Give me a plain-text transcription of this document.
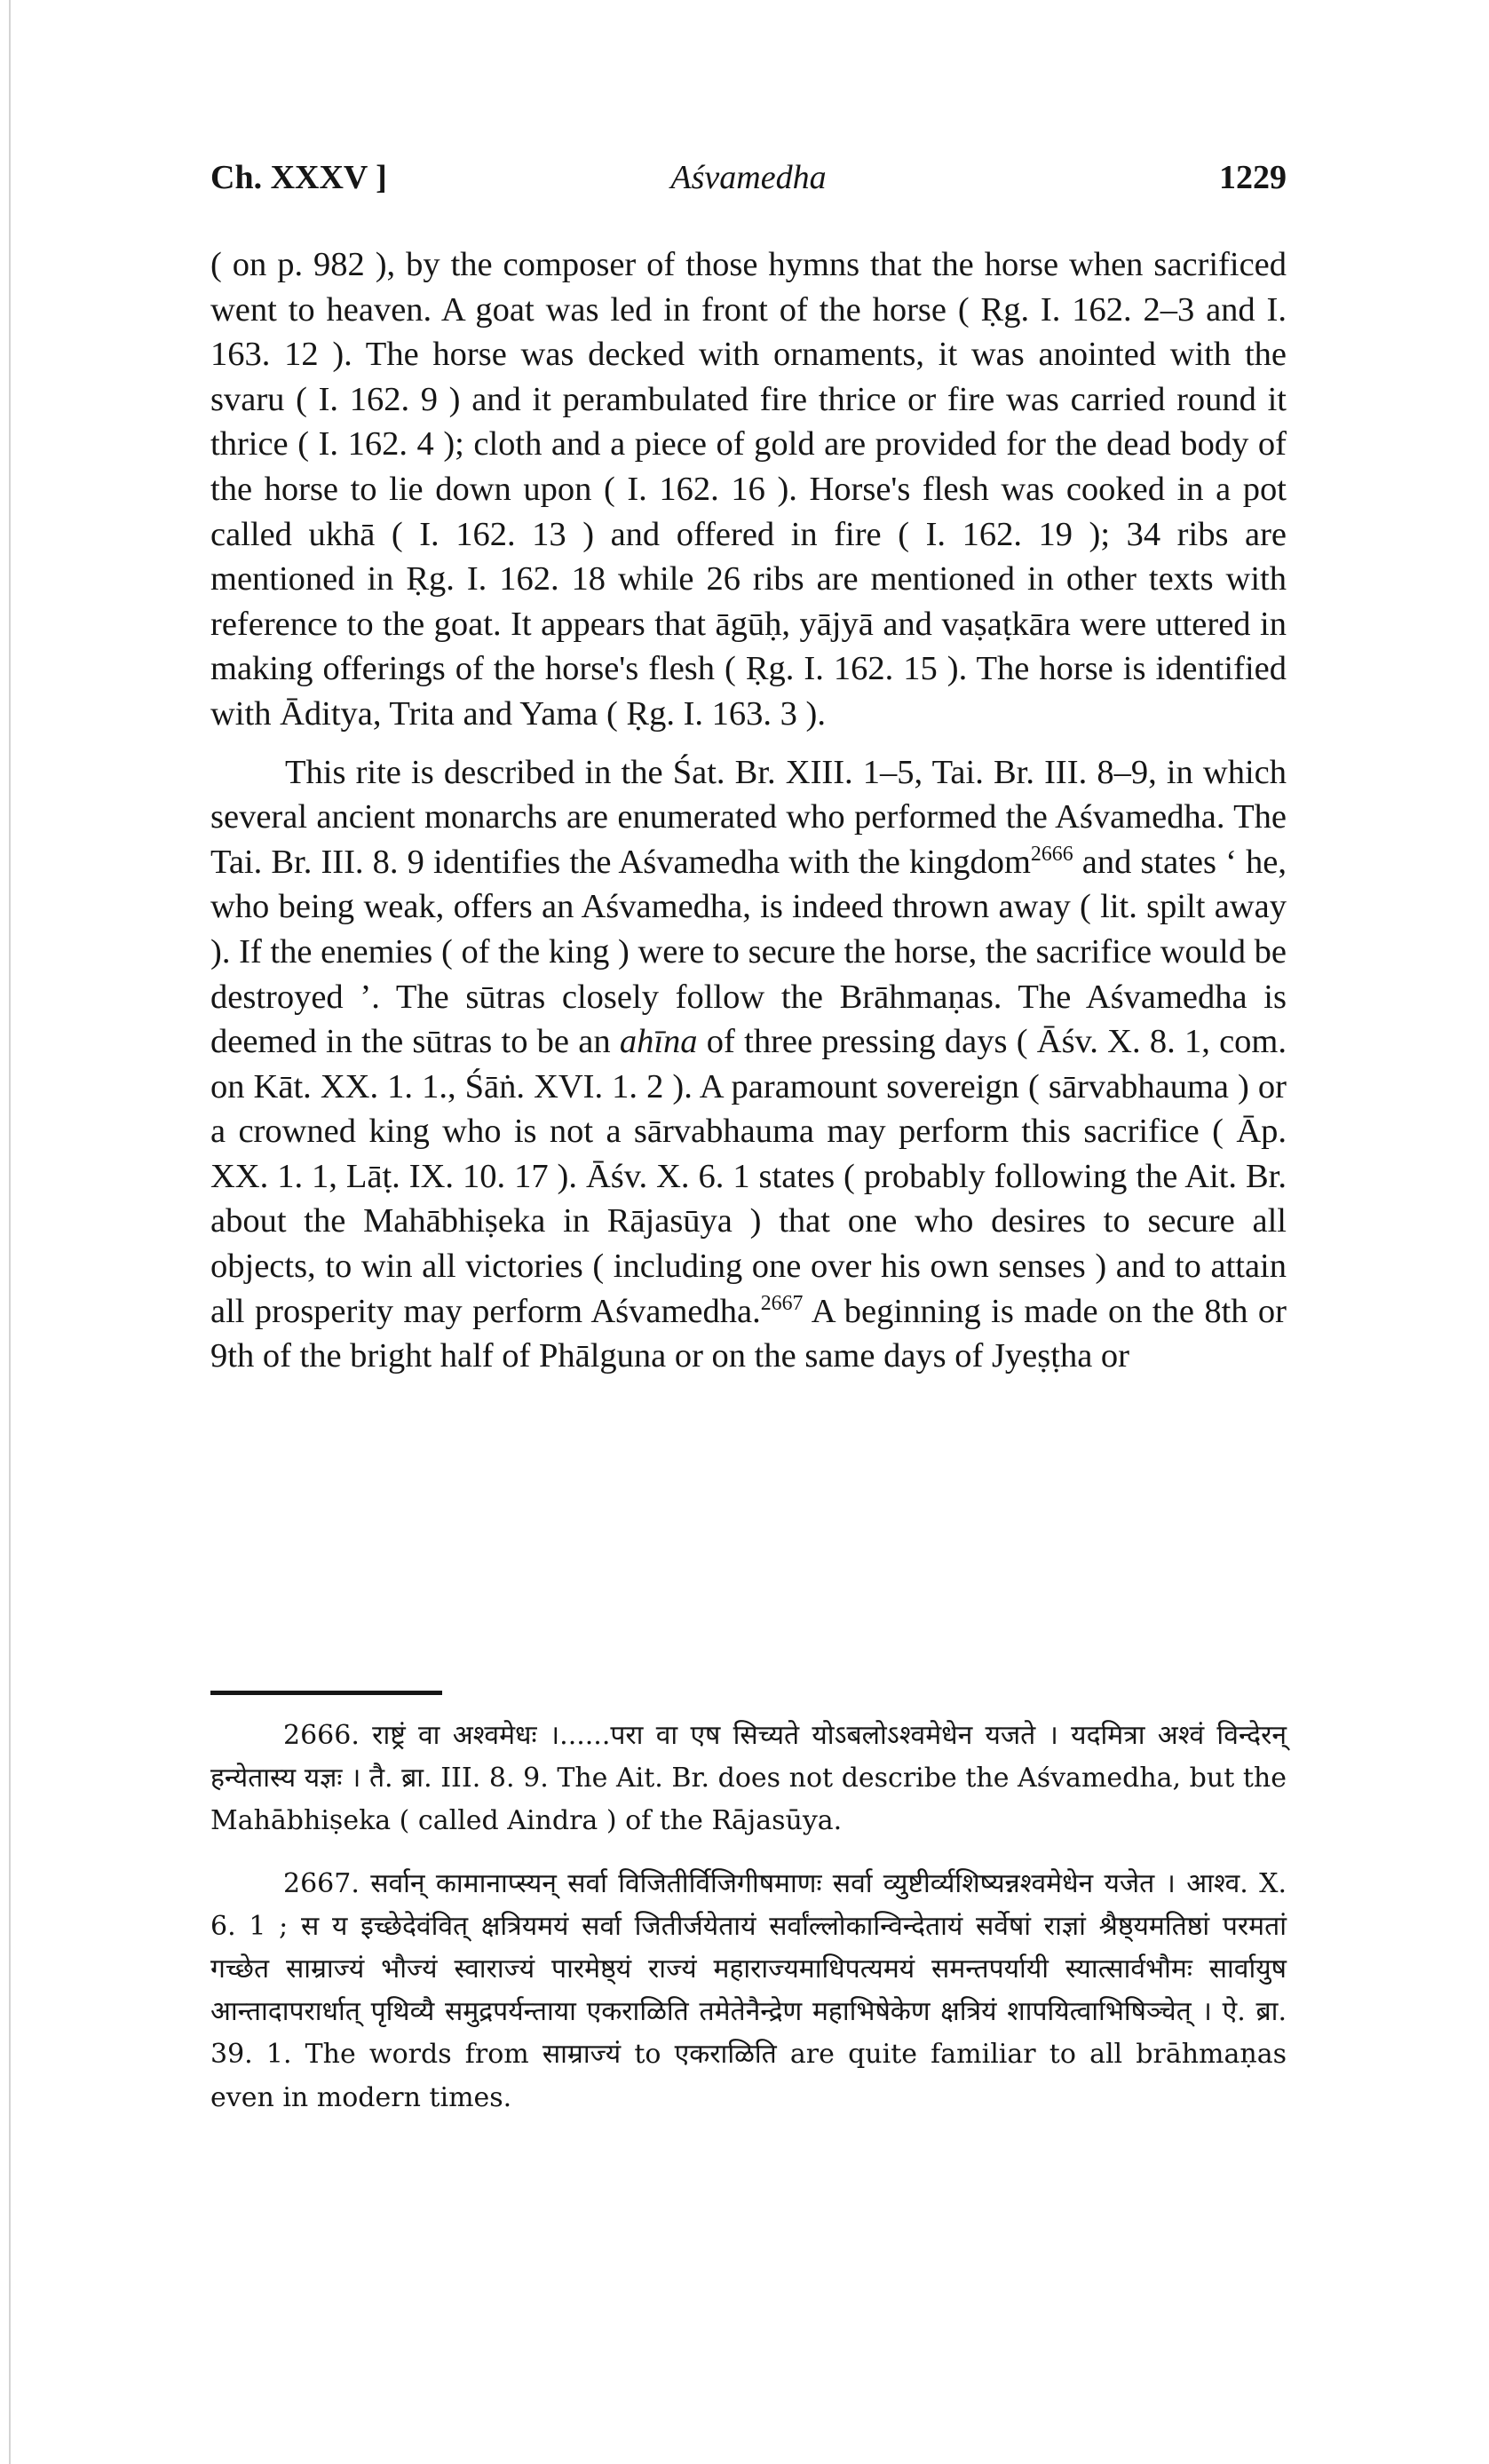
Ch. XXXV ]	Aśvamedha	1229

( on p. 982 ), by the composer of those hymns that the horse when sacrificed went to heaven. A goat was led in front of the horse ( Ṛg. I. 162. 2–3 and I. 163. 12 ). The horse was decked with ornaments, it was anointed with the svaru ( I. 162. 9 ) and it perambulated fire thrice or fire was carried round it thrice ( I. 162. 4 ); cloth and a piece of gold are provided for the dead body of the horse to lie down upon ( I. 162. 16 ). Horse's flesh was cooked in a pot called ukhā ( I. 162. 13 ) and offered in fire ( I. 162. 19 ); 34 ribs are mentioned in Ṛg. I. 162. 18 while 26 ribs are mentioned in other texts with reference to the goat. It appears that āgūḥ, yājyā and vaṣaṭkāra were uttered in making offerings of the horse's flesh ( Ṛg. I. 162. 15 ). The horse is identified with Āditya, Trita and Yama ( Ṛg. I. 163. 3 ).

This rite is described in the Śat. Br. XIII. 1–5, Tai. Br. III. 8–9, in which several ancient monarchs are enumerated who performed the Aśvamedha. The Tai. Br. III. 8. 9 identifies the Aśvamedha with the kingdom$^{2666}$ and states ‘ he, who being weak, offers an Aśvamedha, is indeed thrown away ( lit. spilt away ). If the enemies ( of the king ) were to secure the horse, the sacrifice would be destroyed ’. The sūtras closely follow the Brāhmaṇas. The Aśvamedha is deemed in the sūtras to be an ahīna of three pressing days ( Āśv. X. 8. 1, com. on Kāt. XX. 1. 1., Śāṅ. XVI. 1. 2 ). A paramount sovereign ( sārvabhauma ) or a crowned king who is not a sārvabhauma may perform this sacrifice ( Āp. XX. 1. 1, Lāṭ. IX. 10. 17 ). Āśv. X. 6. 1 states ( probably following the Ait. Br. about the Mahābhiṣeka in Rājasūya ) that one who desires to secure all objects, to win all victories ( including one over his own senses ) and to attain all prosperity may perform Aśvamedha.$^{2667}$ A beginning is made on the 8th or 9th of the bright half of Phālguna or on the same days of Jyeṣṭha or

2666. राष्ट्रं वा अश्वमेधः ।......परा वा एष सिच्यते योऽबलोऽश्वमेधेन यजते । यदमित्रा अश्वं विन्देरन् हन्येतास्य यज्ञः । तै. ब्रा. III. 8. 9. The Ait. Br. does not describe the Aśvamedha, but the Mahābhiṣeka ( called Aindra ) of the Rājasūya.

2667. सर्वान् कामानाप्स्यन् सर्वा विजितीर्विजिगीषमाणः सर्वा व्युष्टीर्व्यशिष्यन्नश्वमेधेन यजेत । आश्व. X. 6. 1 ; स य इच्छेदेवंवित् क्षत्रियमयं सर्वा जितीर्जयेतायं सर्वांल्लोकान्विन्देतायं सर्वेषां राज्ञां श्रैष्ठ्यमतिष्ठां परमतां गच्छेत साम्राज्यं भौज्यं स्वाराज्यं पारमेष्ठ्यं राज्यं महाराज्यमाधिपत्यमयं समन्तपर्यायी स्यात्सार्वभौमः सार्वायुष आन्तादापरार्धात् पृथिव्यै समुद्रपर्यन्ताया एकराळिति तमेतेनैन्द्रेण महाभिषेकेण क्षत्रियं शापयित्वाभिषिञ्चेत् । ऐ. ब्रा. 39. 1. The words from साम्राज्यं to एकराळिति are quite familiar to all brāhmaṇas even in modern times.
